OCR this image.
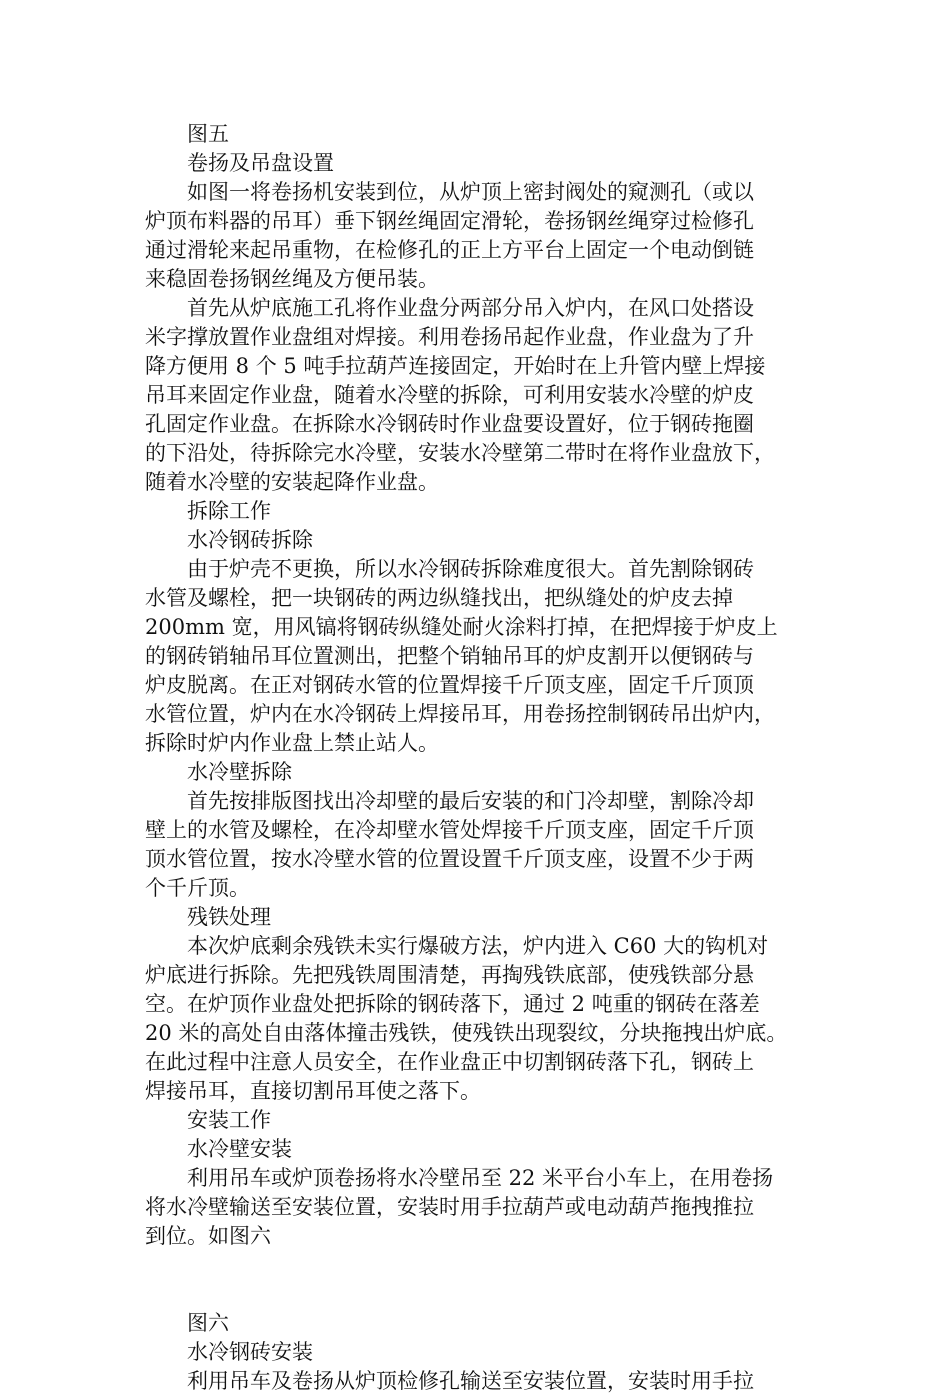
　　图五
　　卷扬及吊盘设置
　　如图一将卷扬机安装到位，从炉顶上密封阀处的窥测孔（或以
炉顶布料器的吊耳）垂下钢丝绳固定滑轮，卷扬钢丝绳穿过检修孔
通过滑轮来起吊重物，在检修孔的正上方平台上固定一个电动倒链
来稳固卷扬钢丝绳及方便吊装。
　　首先从炉底施工孔将作业盘分两部分吊入炉内，在风口处搭设
米字撑放置作业盘组对焊接。利用卷扬吊起作业盘，作业盘为了升
降方便用 8 个 5 吨手拉葫芦连接固定，开始时在上升管内壁上焊接
吊耳来固定作业盘，随着水冷壁的拆除，可利用安装水冷壁的炉皮
孔固定作业盘。在拆除水冷钢砖时作业盘要设置好，位于钢砖拖圈
的下沿处，待拆除完水冷壁，安装水冷壁第二带时在将作业盘放下，
随着水冷壁的安装起降作业盘。
　　拆除工作
　　水冷钢砖拆除
　　由于炉壳不更换，所以水冷钢砖拆除难度很大。首先割除钢砖
水管及螺栓，把一块钢砖的两边纵缝找出，把纵缝处的炉皮去掉
200mm 宽，用风镐将钢砖纵缝处耐火涂料打掉，在把焊接于炉皮上
的钢砖销轴吊耳位置测出，把整个销轴吊耳的炉皮割开以便钢砖与
炉皮脱离。在正对钢砖水管的位置焊接千斤顶支座，固定千斤顶顶
水管位置，炉内在水冷钢砖上焊接吊耳，用卷扬控制钢砖吊出炉内，
拆除时炉内作业盘上禁止站人。
　　水冷壁拆除
　　首先按排版图找出冷却壁的最后安装的和门冷却壁，割除冷却
壁上的水管及螺栓，在冷却壁水管处焊接千斤顶支座，固定千斤顶
顶水管位置，按水冷壁水管的位置设置千斤顶支座，设置不少于两
个千斤顶。
　　残铁处理
　　本次炉底剩余残铁未实行爆破方法，炉内进入 C60 大的钩机对
炉底进行拆除。先把残铁周围清楚，再掏残铁底部，使残铁部分悬
空。在炉顶作业盘处把拆除的钢砖落下，通过 2 吨重的钢砖在落差
20 米的高处自由落体撞击残铁，使残铁出现裂纹，分块拖拽出炉底。
在此过程中注意人员安全，在作业盘正中切割钢砖落下孔，钢砖上
焊接吊耳，直接切割吊耳使之落下。
　　安装工作
　　水冷壁安装
　　利用吊车或炉顶卷扬将水冷壁吊至 22 米平台小车上，在用卷扬
将水冷壁输送至安装位置，安装时用手拉葫芦或电动葫芦拖拽推拉
到位。如图六
　　图六
　　水冷钢砖安装
　　利用吊车及卷扬从炉顶检修孔输送至安装位置，安装时用手拉
